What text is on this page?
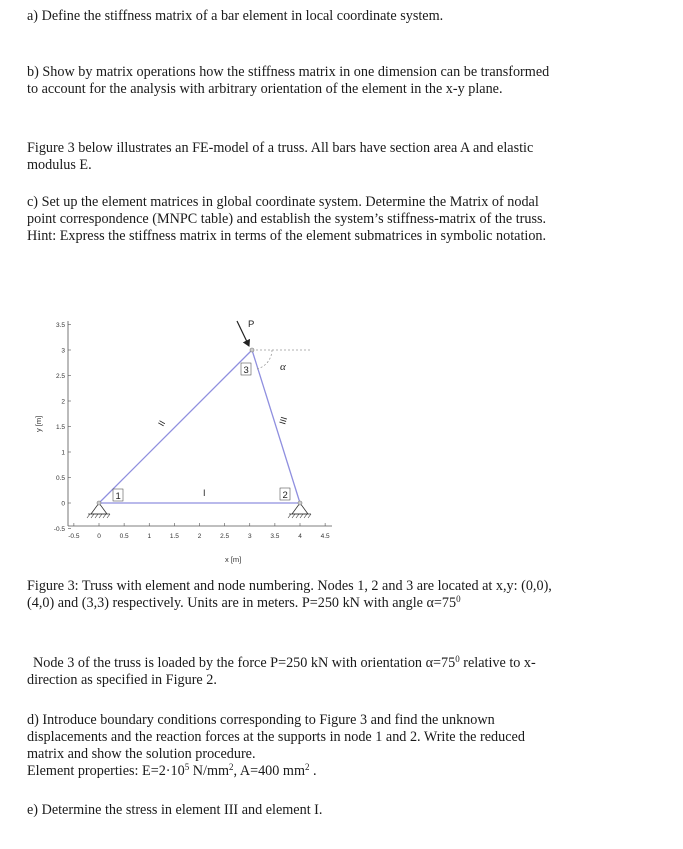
a) Define the stiffness matrix of a bar element in local coordinate system.
b) Show by matrix operations how the stiffness matrix in one dimension can be transformed
to account for the analysis with arbitrary orientation of the element in the x-y plane.
Figure 3 below illustrates an FE-model of a truss. All bars have section area A and elastic
modulus E.
c) Set up the element matrices in global coordinate system. Determine the Matrix of nodal
point correspondence (MNPC table) and establish the system’s stiffness-matrix of the truss.
Hint: Express the stiffness matrix in terms of the element submatrices in symbolic notation.
-0.5	0	0.5	1	1.5	2	2.5	3	3.5	4	4.5
-0.5
0
0.5
1
1.5
2
2.5
3
3.5
x [m]
y [m]
P
α
3
1	2
I
II	III
Figure 3: Truss with element and node numbering. Nodes 1, 2 and 3 are located at x,y: (0,0),
(4,0) and (3,3) respectively. Units are in meters. P=250 kN with angle $\alpha=75^0$
Node 3 of the truss is loaded by the force P=250 kN with orientation $\alpha=75^0$ relative to x-
direction as specified in Figure 2.
d) Introduce boundary conditions corresponding to Figure 3 and find the unknown
displacements and the reaction forces at the supports in node 1 and 2. Write the reduced
matrix and show the solution procedure.
Element properties: $E=2\cdot 10^5$ $N/mm^2$, A=400 $mm^2$ .
e) Determine the stress in element III and element I.
